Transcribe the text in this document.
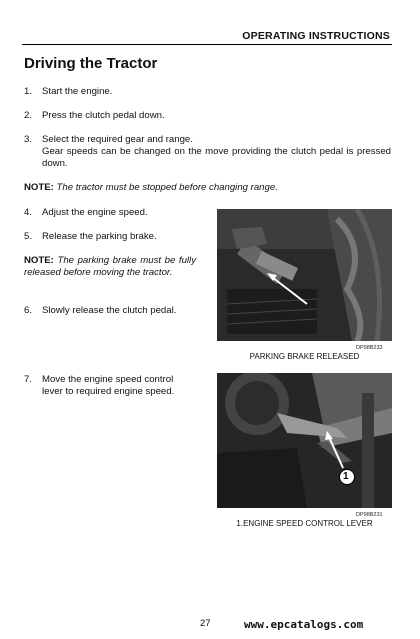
OPERATING INSTRUCTIONS
Driving the Tractor
1. Start the engine.
2. Press the clutch pedal down.
3. Select the required gear and range.
Gear speeds can be changed on the move providing the clutch pedal is pressed down.
NOTE: The tractor must be stopped before changing range.
4. Adjust the engine speed.
5. Release the parking brake.
NOTE: The parking brake must be fully released before moving the tractor.
6. Slowly release the clutch pedal.
7.	Move the engine speed control lever to required engine speed.
DP98B232
PARKING BRAKE RELEASED
1
DP98B231
1.ENGINE SPEED CONTROL LEVER
27	www.epcatalogs.com
